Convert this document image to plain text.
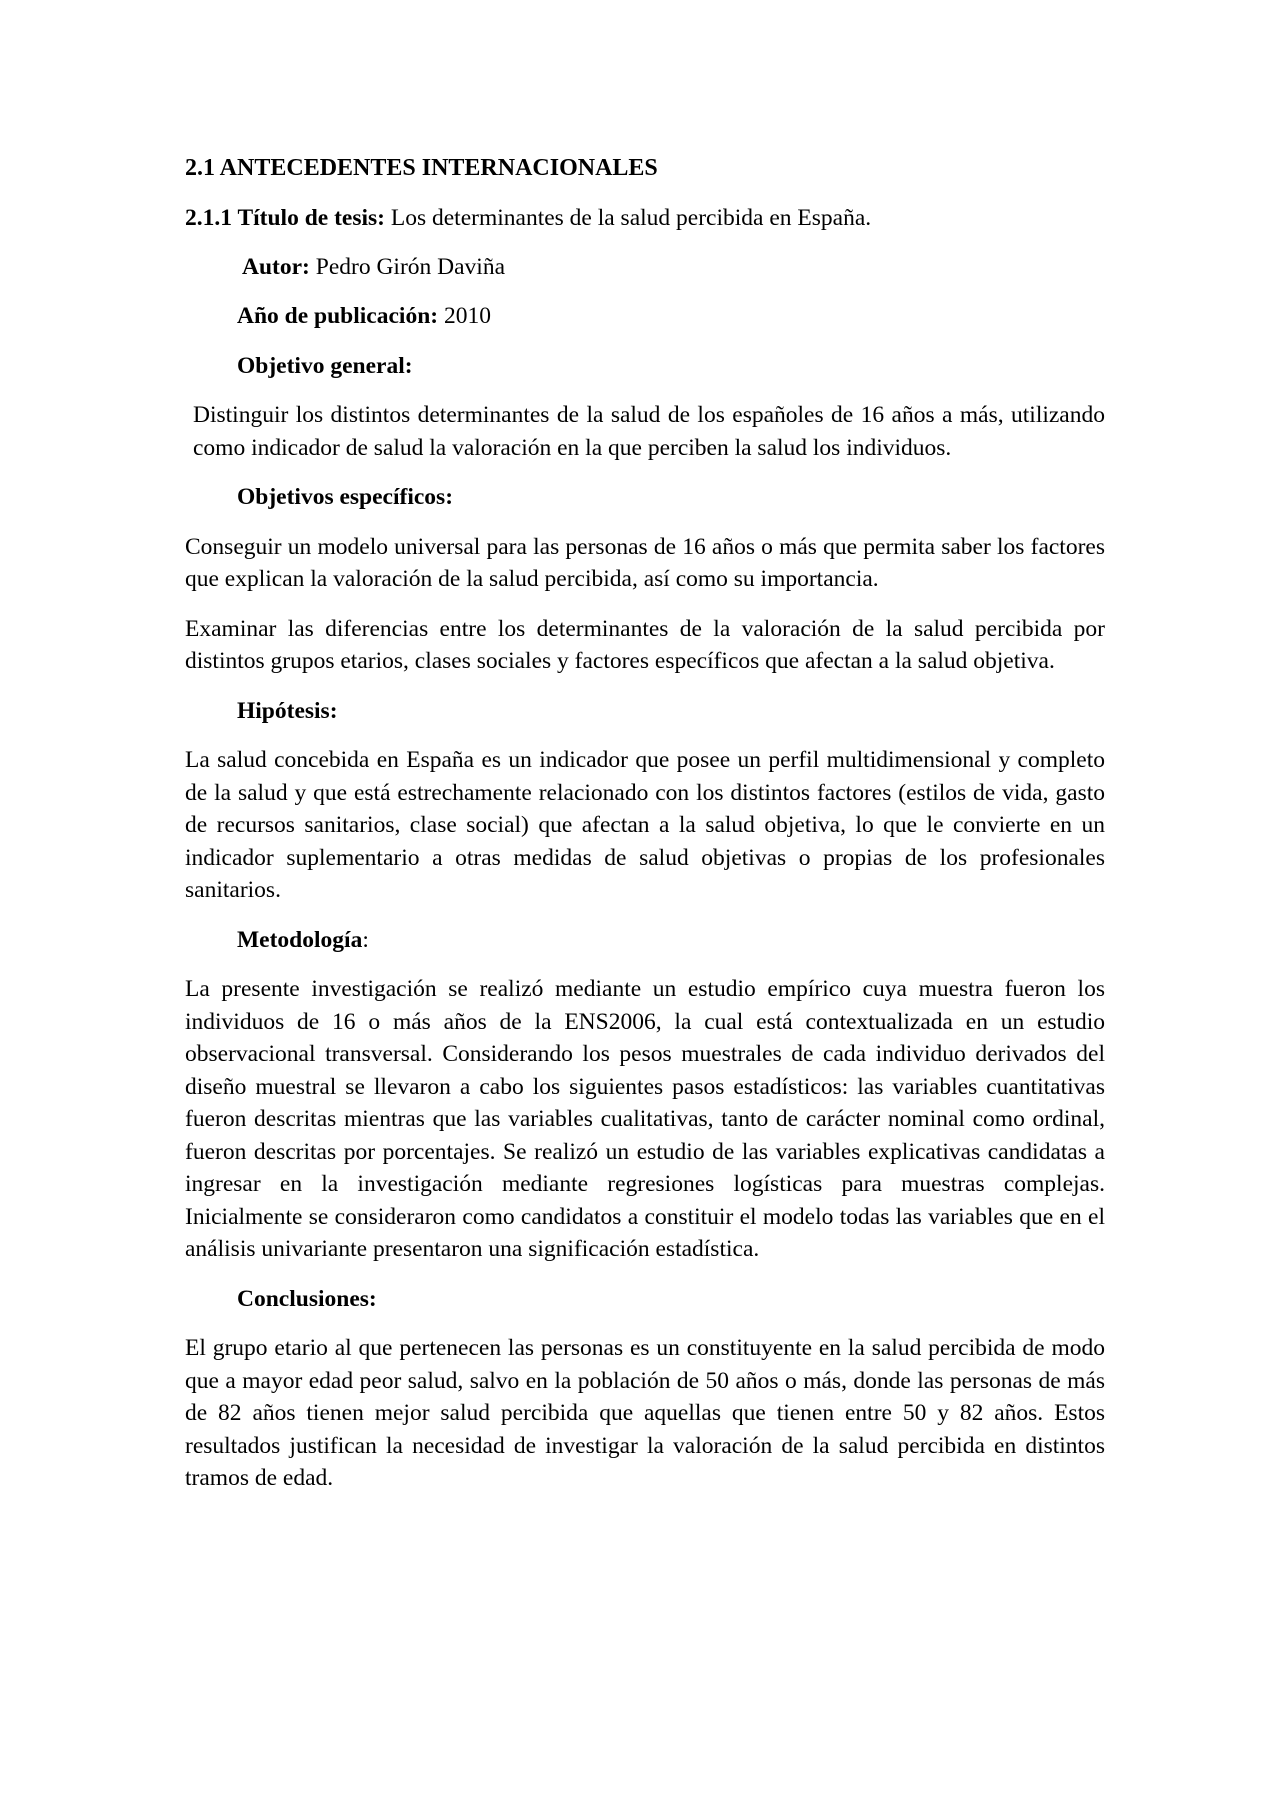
2.1 ANTECEDENTES INTERNACIONALES

2.1.1 Título de tesis: Los determinantes de la salud percibida en España.

Autor: Pedro Girón Daviña

Año de publicación: 2010

Objetivo general:

Distinguir los distintos determinantes de la salud de los españoles de 16 años a más, utilizando como indicador de salud la valoración en la que perciben la salud los individuos.

Objetivos específicos:

Conseguir un modelo universal para las personas de 16 años o más que permita saber los factores que explican la valoración de la salud percibida, así como su importancia.

Examinar las diferencias entre los determinantes de la valoración de la salud percibida por distintos grupos etarios, clases sociales y factores específicos que afectan a la salud objetiva.

Hipótesis:

La salud concebida en España es un indicador que posee un perfil multidimensional y completo de la salud y que está estrechamente relacionado con los distintos factores (estilos de vida, gasto de recursos sanitarios, clase social) que afectan a la salud objetiva, lo que le convierte en un indicador suplementario a otras medidas de salud objetivas o propias de los profesionales sanitarios.

Metodología:

La presente investigación se realizó mediante un estudio empírico cuya muestra fueron los individuos de 16 o más años de la ENS2006, la cual está contextualizada en un estudio observacional transversal. Considerando los pesos muestrales de cada individuo derivados del diseño muestral se llevaron a cabo los siguientes pasos estadísticos: las variables cuantitativas fueron descritas mientras que las variables cualitativas, tanto de carácter nominal como ordinal, fueron descritas por porcentajes. Se realizó un estudio de las variables explicativas candidatas a ingresar en la investigación mediante regresiones logísticas para muestras complejas. Inicialmente se consideraron como candidatos a constituir el modelo todas las variables que en el análisis univariante presentaron una significación estadística.

Conclusiones:

El grupo etario al que pertenecen las personas es un constituyente en la salud percibida de modo que a mayor edad peor salud, salvo en la población de 50 años o más, donde las personas de más de 82 años tienen mejor salud percibida que aquellas que tienen entre 50 y 82 años. Estos resultados justifican la necesidad de investigar la valoración de la salud percibida en distintos tramos de edad.
